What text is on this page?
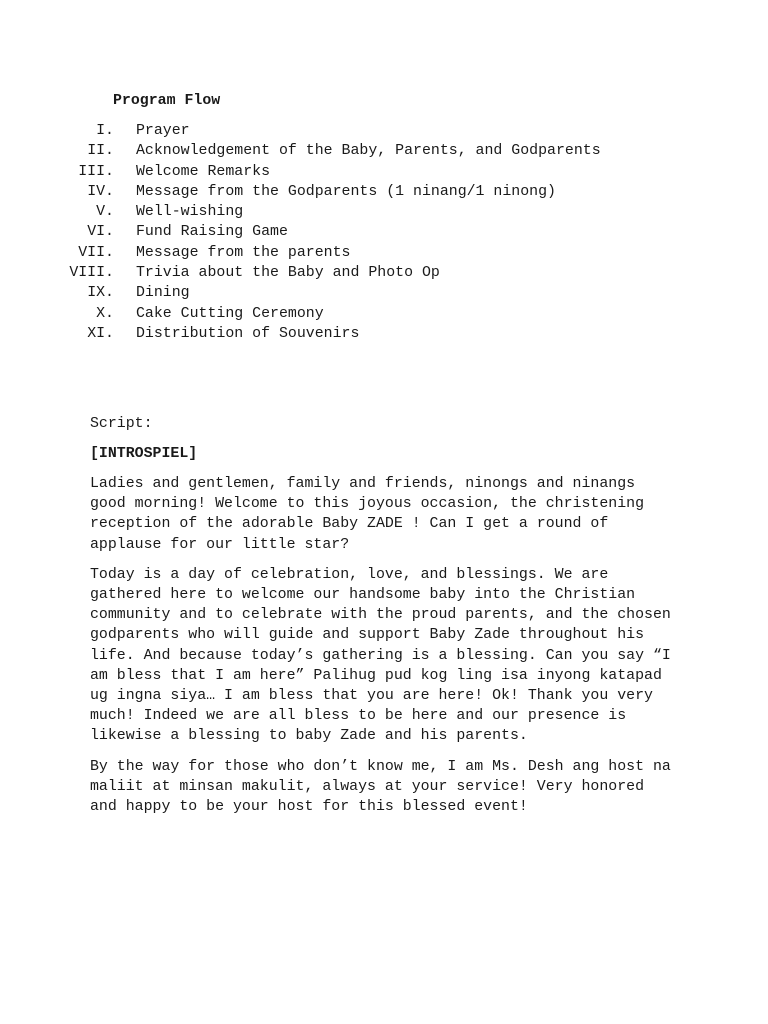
Program Flow
I. Prayer
II. Acknowledgement of the Baby, Parents, and Godparents
III. Welcome Remarks
IV. Message from the Godparents (1 ninang/1 ninong)
V. Well-wishing
VI. Fund Raising Game
VII. Message from the parents
VIII. Trivia about the Baby and Photo Op
IX. Dining
X. Cake Cutting Ceremony
XI. Distribution of Souvenirs

Script:

[INTROSPIEL]

Ladies and gentlemen, family and friends, ninongs and ninangs
good morning! Welcome to this joyous occasion, the christening
reception of the adorable Baby ZADE ! Can I get a round of
applause for our little star?

Today is a day of celebration, love, and blessings. We are
gathered here to welcome our handsome baby into the Christian
community and to celebrate with the proud parents, and the chosen
godparents who will guide and support Baby Zade throughout his
life. And because today’s gathering is a blessing. Can you say “I
am bless that I am here” Palihug pud kog ling isa inyong katapad
ug ingna siya… I am bless that you are here! Ok! Thank you very
much! Indeed we are all bless to be here and our presence is
likewise a blessing to baby Zade and his parents.

By the way for those who don’t know me, I am Ms. Desh ang host na
maliit at minsan makulit, always at your service! Very honored
and happy to be your host for this blessed event!
